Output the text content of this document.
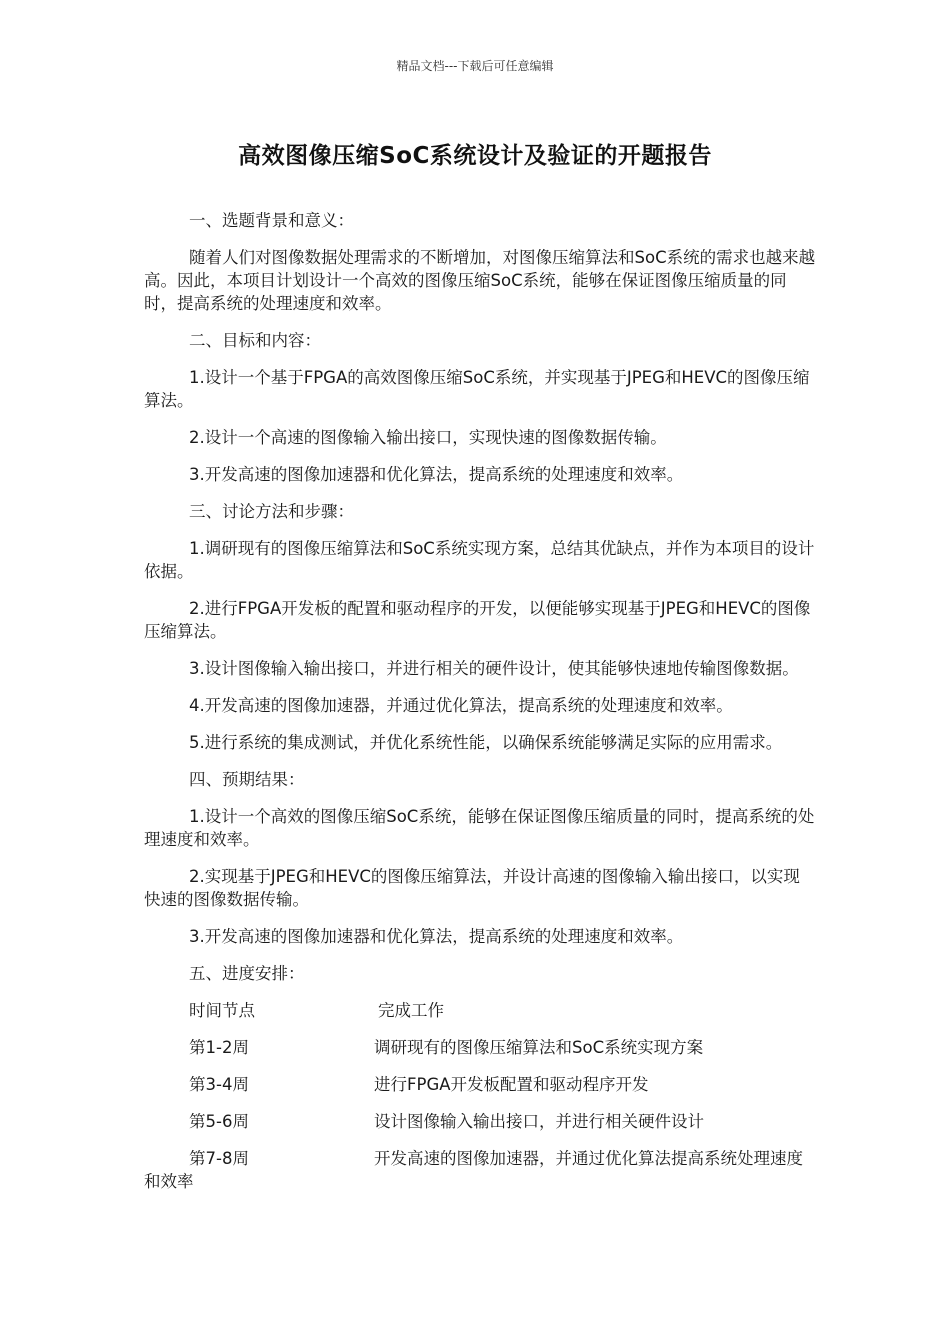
精品文档---下载后可任意编辑
高效图像压缩SoC系统设计及验证的开题报告

一、选题背景和意义：

随着人们对图像数据处理需求的不断增加，对图像压缩算法和SoC系统的需求也越来越高。因此，本项目计划设计一个高效的图像压缩SoC系统，能够在保证图像压缩质量的同时，提高系统的处理速度和效率。

二、目标和内容：

1.设计一个基于FPGA的高效图像压缩SoC系统，并实现基于JPEG和HEVC的图像压缩算法。

2.设计一个高速的图像输入输出接口，实现快速的图像数据传输。

3.开发高速的图像加速器和优化算法，提高系统的处理速度和效率。

三、讨论方法和步骤：

1.调研现有的图像压缩算法和SoC系统实现方案，总结其优缺点，并作为本项目的设计依据。

2.进行FPGA开发板的配置和驱动程序的开发，以便能够实现基于JPEG和HEVC的图像压缩算法。

3.设计图像输入输出接口，并进行相关的硬件设计，使其能够快速地传输图像数据。

4.开发高速的图像加速器，并通过优化算法，提高系统的处理速度和效率。

5.进行系统的集成测试，并优化系统性能，以确保系统能够满足实际的应用需求。

四、预期结果：

1.设计一个高效的图像压缩SoC系统，能够在保证图像压缩质量的同时，提高系统的处理速度和效率。

2.实现基于JPEG和HEVC的图像压缩算法，并设计高速的图像输入输出接口，以实现快速的图像数据传输。

3.开发高速的图像加速器和优化算法，提高系统的处理速度和效率。

五、进度安排：

时间节点	完成工作
第1-2周	调研现有的图像压缩算法和SoC系统实现方案
第3-4周	进行FPGA开发板配置和驱动程序开发
第5-6周	设计图像输入输出接口，并进行相关硬件设计
第7-8周	开发高速的图像加速器，并通过优化算法提高系统处理速度和效率
